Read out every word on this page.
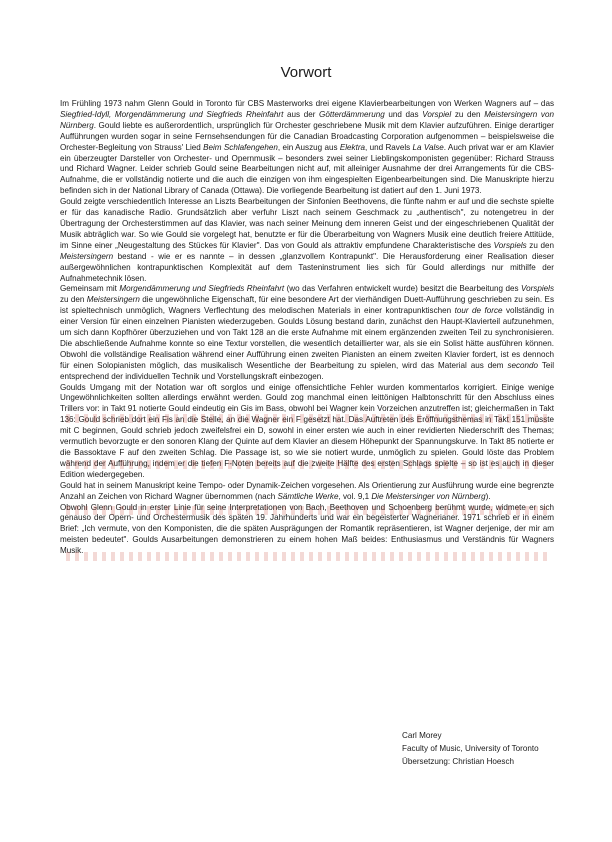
Vorwort

Im Frühling 1973 nahm Glenn Gould in Toronto für CBS Masterworks drei eigene Klavierbearbeitungen von Werken Wagners auf – das Siegfried-Idyll, Morgendämmerung und Siegfrieds Rheinfahrt aus der Götterdämmerung und das Vorspiel zu den Meistersingern von Nürnberg. Gould liebte es außerordentlich, ursprünglich für Orchester geschriebene Musik mit dem Klavier aufzuführen. Einige derartiger Aufführungen wurden sogar in seine Fernsehsendungen für die Canadian Broadcasting Corporation aufgenommen – beispielsweise die Orchester-Begleitung von Strauss' Lied Beim Schlafengehen, ein Auszug aus Elektra, und Ravels La Valse. Auch privat war er am Klavier ein überzeugter Darsteller von Orchester- und Opernmusik – besonders zwei seiner Lieblingskomponisten gegenüber: Richard Strauss und Richard Wagner. Leider schrieb Gould seine Bearbeitungen nicht auf, mit alleiniger Ausnahme der drei Arrangements für die CBS-Aufnahme, die er vollständig notierte und die auch die einzigen von ihm eingespielten Eigenbearbeitungen sind. Die Manuskripte hierzu befinden sich in der National Library of Canada (Ottawa). Die vorliegende Bearbeitung ist datiert auf den 1. Juni 1973.

Gould zeigte verschiedentlich Interesse an Liszts Bearbeitungen der Sinfonien Beethovens, die fünfte nahm er auf und die sechste spielte er für das kanadische Radio. Grundsätzlich aber verfuhr Liszt nach seinem Geschmack zu „authentisch", zu notengetreu in der Übertragung der Orchesterstimmen auf das Klavier, was nach seiner Meinung dem inneren Geist und der eingeschriebenen Qualität der Musik abträglich war. So wie Gould sie vorgelegt hat, benutzte er für die Überarbeitung von Wagners Musik eine deutlich freiere Attitüde, im Sinne einer „Neugestaltung des Stückes für Klavier". Das von Gould als attraktiv empfundene Charakteristische des Vorspiels zu den Meistersingern bestand - wie er es nannte – in dessen „glanzvollem Kontrapunkt". Die Herausforderung einer Realisation dieser außergewöhnlichen kontrapunktischen Komplexität auf dem Tasteninstrument lies sich für Gould allerdings nur mithilfe der Aufnahmetechnik lösen.

Gemeinsam mit Morgendämmerung und Siegfrieds Rheinfahrt (wo das Verfahren entwickelt wurde) besitzt die Bearbeitung des Vorspiels zu den Meistersingern die ungewöhnliche Eigenschaft, für eine besondere Art der vierhändigen Duett-Aufführung geschrieben zu sein. Es ist spieltechnisch unmöglich, Wagners Verflechtung des melodischen Materials in einer kontrapunktischen tour de force vollständig in einer Version für einen einzelnen Pianisten wiederzugeben. Goulds Lösung bestand darin, zunächst den Haupt-Klavierteil aufzunehmen, um sich dann Kopfhörer überzuziehen und von Takt 128 an die erste Aufnahme mit einem ergänzenden zweiten Teil zu synchronisieren. Die abschließende Aufnahme konnte so eine Textur vorstellen, die wesentlich detaillierter war, als sie ein Solist hätte ausführen können. Obwohl die vollständige Realisation während einer Aufführung einen zweiten Pianisten an einem zweiten Klavier fordert, ist es dennoch für einen Solopianisten möglich, das musikalisch Wesentliche der Bearbeitung zu spielen, wird das Material aus dem secondo Teil entsprechend der individuellen Technik und Vorstellungskraft einbezogen.

Goulds Umgang mit der Notation war oft sorglos und einige offensichtliche Fehler wurden kommentarlos korrigiert. Einige wenige Ungewöhnlichkeiten sollten allerdings erwähnt werden. Gould zog manchmal einen leittönigen Halbtonschritt für den Abschluss eines Trillers vor: in Takt 91 notierte Gould eindeutig ein Gis im Bass, obwohl bei Wagner kein Vorzeichen anzutreffen ist; gleichermaßen in Takt 136: Gould schrieb dort ein Fis an die Stelle, an die Wagner ein F gesetzt hat. Das Auftreten des Eröffnungsthemas in Takt 151 müsste mit C beginnen, Gould schrieb jedoch zweifelsfrei ein D, sowohl in einer ersten wie auch in einer revidierten Niederschrift des Themas; vermutlich bevorzugte er den sonoren Klang der Quinte auf dem Klavier an diesem Höhepunkt der Spannungskurve. In Takt 85 notierte er die Bassoktave F auf den zweiten Schlag. Die Passage ist, so wie sie notiert wurde, unmöglich zu spielen. Gould löste das Problem während der Aufführung, indem er die tiefen F-Noten bereits auf die zweite Hälfte des ersten Schlags spielte – so ist es auch in dieser Edition wiedergegeben.

Gould hat in seinem Manuskript keine Tempo- oder Dynamik-Zeichen vorgesehen. Als Orientierung zur Ausführung wurde eine begrenzte Anzahl an Zeichen von Richard Wagner übernommen (nach Sämtliche Werke, vol. 9,1 Die Meistersinger von Nürnberg).

Obwohl Glenn Gould in erster Linie für seine Interpretationen von Bach, Beethoven und Schoenberg berühmt wurde, widmete er sich genauso der Opern- und Orchestermusik des späten 19. Jahrhunderts und war ein begeisterter Wagnerianer. 1971 schrieb er in einem Brief: „Ich vermute, von den Komponisten, die die späten Ausprägungen der Romantik repräsentieren, ist Wagner derjenige, der mir am meisten bedeutet". Goulds Ausarbeitungen demonstrieren zu einem hohen Maß beides: Enthusiasmus und Verständnis für Wagners Musik.

Carl Morey

Faculty of Music, University of Toronto

Übersetzung: Christian Hoesch
